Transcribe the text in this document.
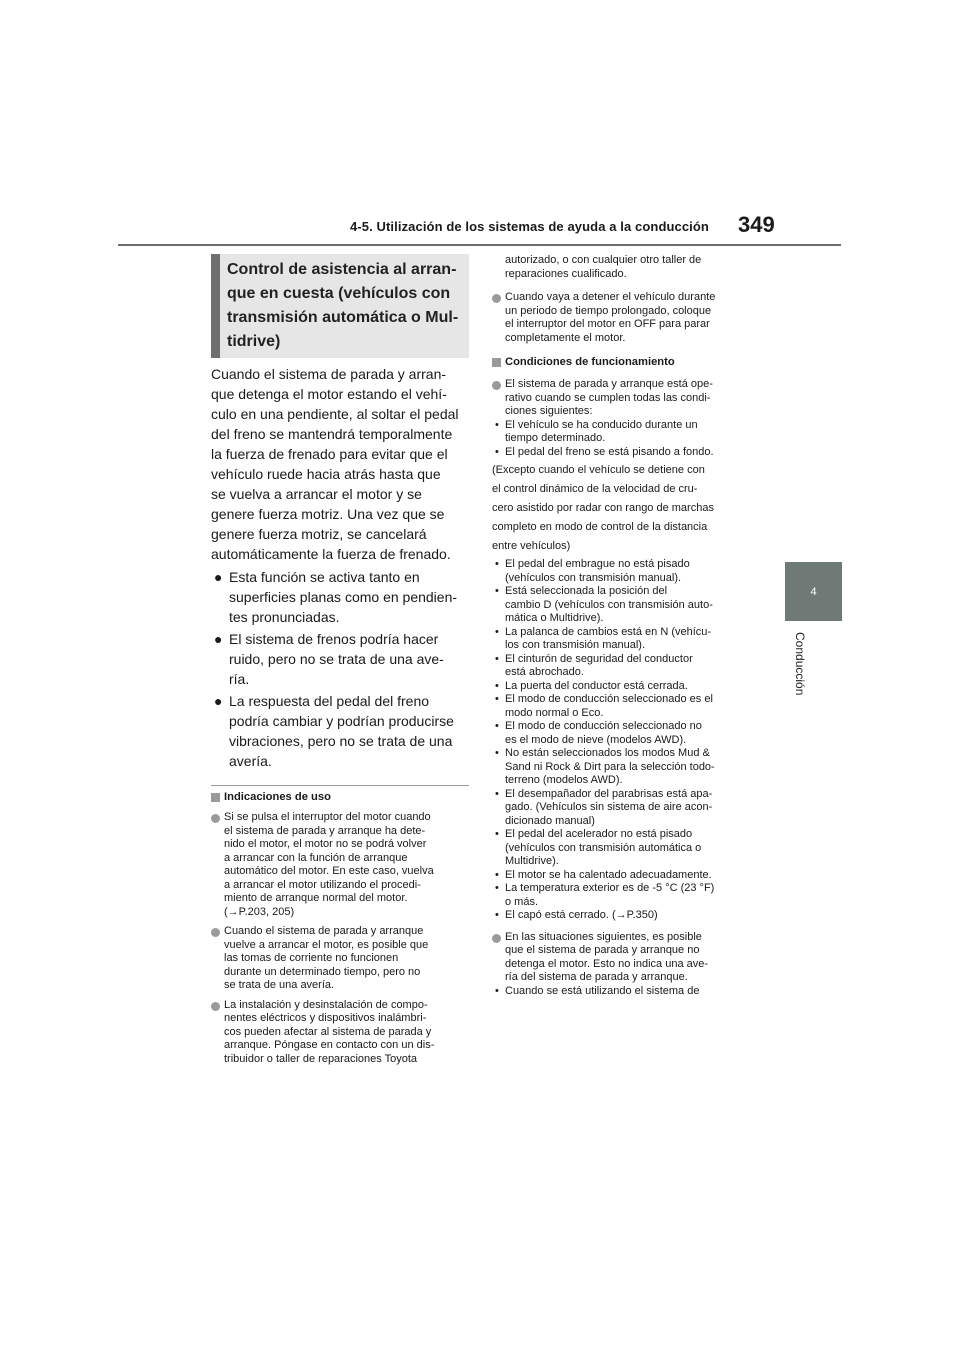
4-5. Utilización de los sistemas de ayuda a la conducción 349
4
Conducción
Control de asistencia al arran-
que en cuesta (vehículos con
transmisión automática o Mul-
tidrive)
Cuando el sistema de parada y arran-
que detenga el motor estando el vehí-
culo en una pendiente, al soltar el pedal
del freno se mantendrá temporalmente
la fuerza de frenado para evitar que el
vehículo ruede hacia atrás hasta que
se vuelva a arrancar el motor y se
genere fuerza motriz. Una vez que se
genere fuerza motriz, se cancelará
automáticamente la fuerza de frenado.
● Esta función se activa tanto en
superficies planas como en pendien-
tes pronunciadas.
● El sistema de frenos podría hacer
ruido, pero no se trata de una ave-
ría.
● La respuesta del pedal del freno
podría cambiar y podrían producirse
vibraciones, pero no se trata de una
avería.
Indicaciones de uso
Si se pulsa el interruptor del motor cuando
el sistema de parada y arranque ha dete-
nido el motor, el motor no se podrá volver
a arrancar con la función de arranque
automático del motor. En este caso, vuelva
a arrancar el motor utilizando el procedi-
miento de arranque normal del motor.
(→P.203, 205)
Cuando el sistema de parada y arranque
vuelve a arrancar el motor, es posible que
las tomas de corriente no funcionen
durante un determinado tiempo, pero no
se trata de una avería.
La instalación y desinstalación de compo-
nentes eléctricos y dispositivos inalámbri-
cos pueden afectar al sistema de parada y
arranque. Póngase en contacto con un dis-
tribuidor o taller de reparaciones Toyota
autorizado, o con cualquier otro taller de
reparaciones cualificado.
Cuando vaya a detener el vehículo durante
un periodo de tiempo prolongado, coloque
el interruptor del motor en OFF para parar
completamente el motor.
Condiciones de funcionamiento
El sistema de parada y arranque está ope-
rativo cuando se cumplen todas las condi-
ciones siguientes:
• El vehículo se ha conducido durante un
tiempo determinado.
• El pedal del freno se está pisando a fondo.
(Excepto cuando el vehículo se detiene con
el control dinámico de la velocidad de cru-
cero asistido por radar con rango de marchas
completo en modo de control de la distancia
entre vehículos)
• El pedal del embrague no está pisado
(vehículos con transmisión manual).
• Está seleccionada la posición del
cambio D (vehículos con transmisión auto-
mática o Multidrive).
• La palanca de cambios está en N (vehícu-
los con transmisión manual).
• El cinturón de seguridad del conductor
está abrochado.
• La puerta del conductor está cerrada.
• El modo de conducción seleccionado es el
modo normal o Eco.
• El modo de conducción seleccionado no
es el modo de nieve (modelos AWD).
• No están seleccionados los modos Mud &
Sand ni Rock & Dirt para la selección todo-
terreno (modelos AWD).
• El desempañador del parabrisas está apa-
gado. (Vehículos sin sistema de aire acon-
dicionado manual)
• El pedal del acelerador no está pisado
(vehículos con transmisión automática o
Multidrive).
• El motor se ha calentado adecuadamente.
• La temperatura exterior es de -5 °C (23 °F)
o más.
• El capó está cerrado. (→P.350)
En las situaciones siguientes, es posible
que el sistema de parada y arranque no
detenga el motor. Esto no indica una ave-
ría del sistema de parada y arranque.
• Cuando se está utilizando el sistema de
